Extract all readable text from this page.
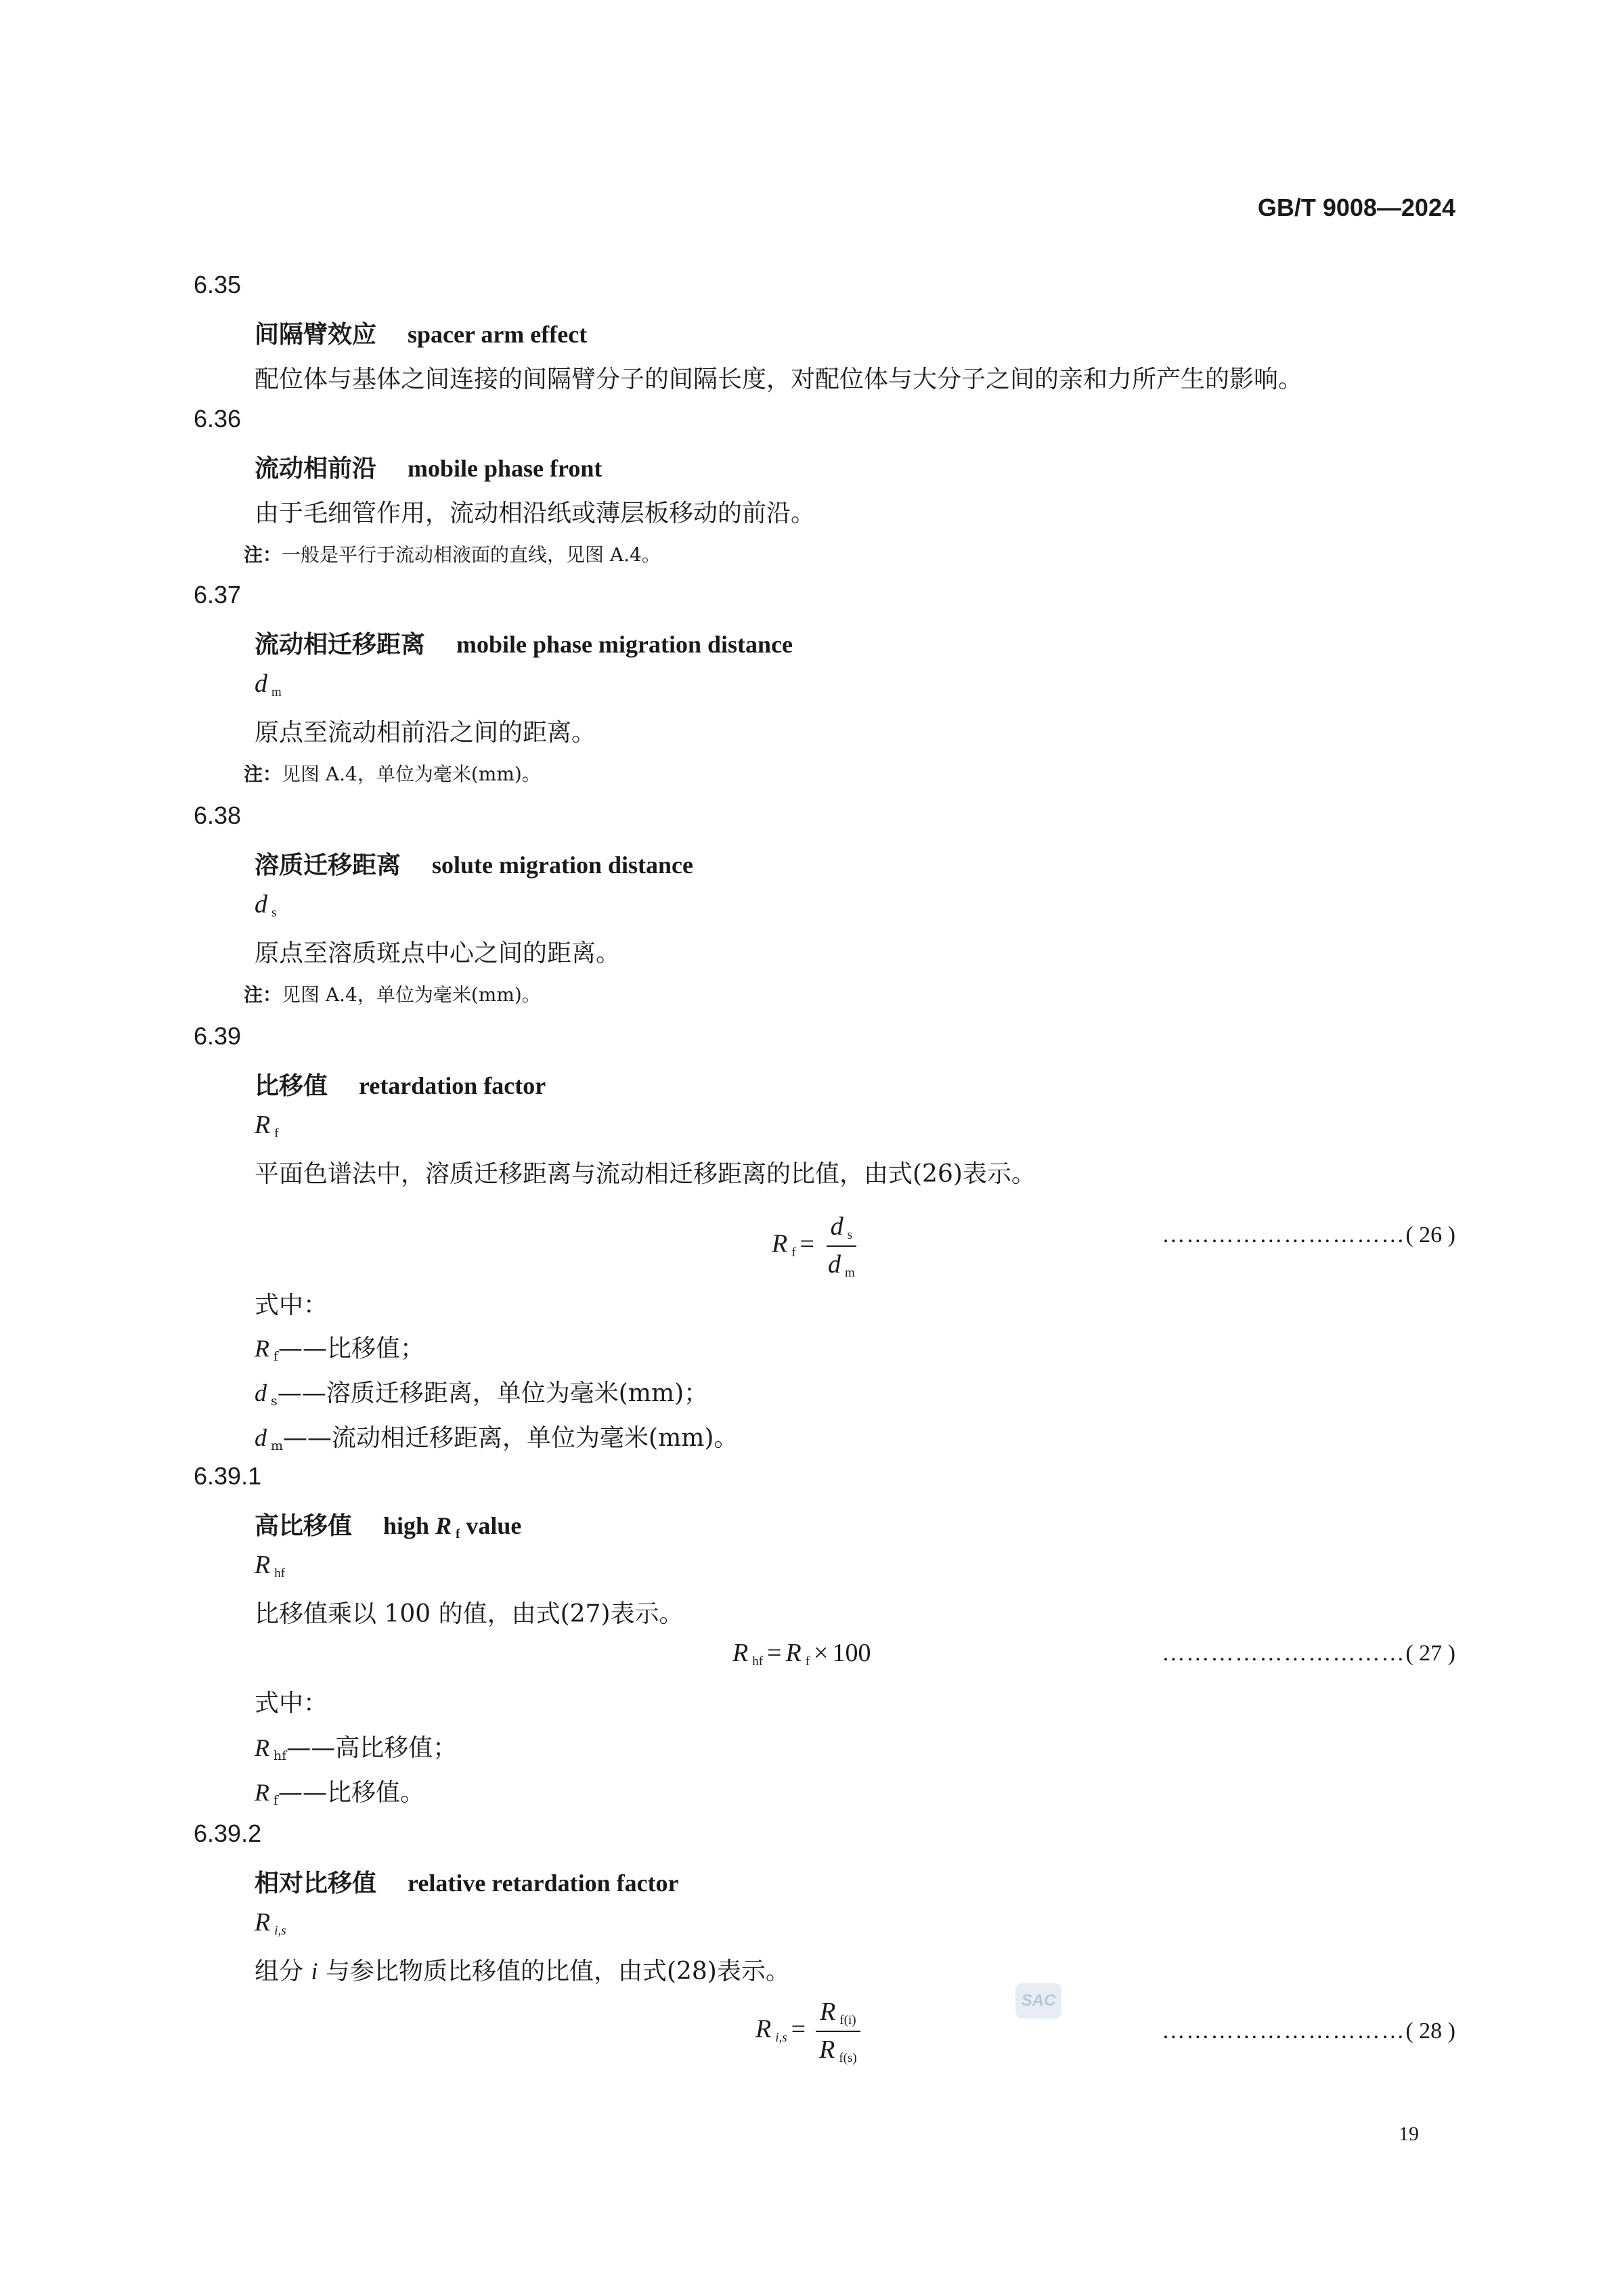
GB/T 9008—2024
6.35
间隔臂效应 spacer arm effect
配位体与基体之间连接的间隔臂分子的间隔长度，对配位体与大分子之间的亲和力所产生的影响。
6.36
流动相前沿 mobile phase front
由于毛细管作用，流动相沿纸或薄层板移动的前沿。
注：一般是平行于流动相液面的直线，见图 A.4。
6.37
流动相迁移距离 mobile phase migration distance
d $_m$
原点至流动相前沿之间的距离。
注：见图 A.4，单位为毫米(mm)。
6.38
溶质迁移距离 solute migration distance
d $_s$
原点至溶质斑点中心之间的距离。
注：见图 A.4，单位为毫米(mm)。
6.39
比移值 retardation factor
R $_f$
平面色谱法中，溶质迁移距离与流动相迁移距离的比值，由式(26)表示。
R $_f = \frac{d _s}{d _m}$	…………………………( 26 )
式中：
R $_f$——比移值；
d $_s$——溶质迁移距离，单位为毫米(mm)；
d $_m$——流动相迁移距离，单位为毫米(mm)。
6.39.1
高比移值 high R $_f$ value
R $_{hf}$
比移值乘以 100 的值，由式(27)表示。
R $_{hf}$ = R $_f$ × 100	…………………………( 27 )
式中：
R $_{hf}$——高比移值；
R $_f$——比移值。
6.39.2
相对比移值 relative retardation factor
Ri,s
组分 i 与参比物质比移值的比值，由式(28)表示。
SAC
$Ri,s = \frac{R _{f(i)}}{R _{f(s)}}$	…………………………( 28 )
19
